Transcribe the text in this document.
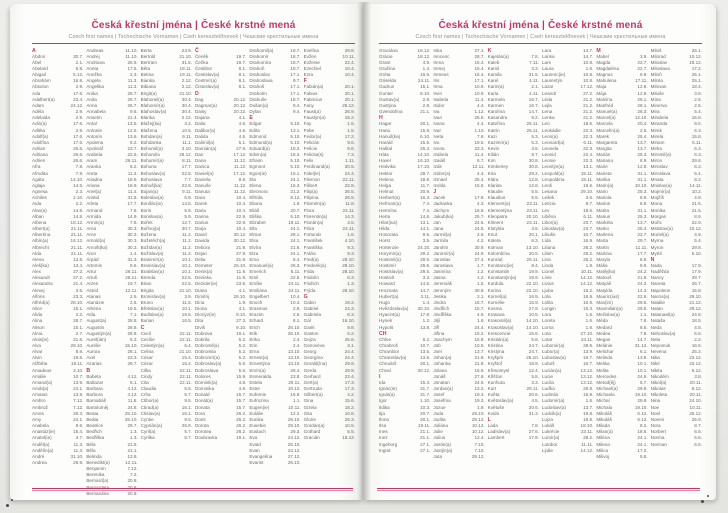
Česká křestní jména | České krstné mená
Czech first names | Tschechische Vornamen | Cseh keresztelőnevek | Чешские крестильные имена
A
Abdon	30.7.
Ábel	2.1.
Abelard	6.8.
Abigail	5.12.
Abrahám	16.8.
Absolon	2.9.
Ada	17.6.
Adalbert(a)	23.4.
Adam	24.12.
Adéla	2.9.
Adelaida	2.9.
Adin(a)	17.6.
Adléta	2.9.
Adolf(a)	17.6.
Adolfína	17.6.
Adrian	26.6.
Adriana	26.6.
Adrien	26.6.
Afra	7.8.
Afrodita	7.8.
Agáta	14.10.
Aglaja	14.5.
Agnesa	2.3.
Achiles	2.10.
Aida	2.2.
Alan(a)	14.8.
Alban	14.8.
Albena	18.12.
Albert(a)	21.11.
Albertína	21.11.
Albín(a)	16.12.
Albrecht	21.11.
Alda	21.11.
Alena	13.8.
Aleš(ka)	13.4.
Alex	27.2.
Alexandr	27.2.
Alexandra	21.4.
Alexej	3.5.
Alfons	23.3.
Alfréd(a)	28.10.
Alice	15.1.
Alida	2.2.
Alina	28.7.
Alison	15.1.
Alma	2.7.
Alois(ie)	21.6.
Alva	28.10.
Alvar	8.8.
Alvin	19.5.
Alžběta	19.11.
Amadeus	3.10.
Amálie	10.7.
Amand(a)	13.9.
Amát(a)	24.1.
Amatus	13.9.
Ambro	7.12.
Ambrož	7.12.
Amos	28.3.
Amy	24.1.
Anabela	9.6.
Anastáz(ie)	15.4.
Anatol(ie)	3.7.
Anděl(a)	11.3.
Andělín(a)	11.3.
André	31.10.
Andrea	26.9.
Andreas	11.10.
Andrej	11.10.
Andriana	26.9.
Aneta	17.5.
Anežka	2.3.
Angela	11.3.
Angelika	11.3.
Anika	26.7.
Anita	26.7.
Anna	26.7.
Annabela	9.6.
Anselm	21.4.
Antal	13.6.
Antonie	12.6.
Antonín	13.6.
Apolena	9.2.
Apolinář	23.7.
Arabela	22.6.
Aram	26.11.
Aranka	8.2.
Areta	11.4.
Ariadna	18.9.
Ariana	18.9.
Ariel(a)	11.4.
Aristid	31.8.
Arleta	17.7.
Armand	7.6.
Armida	14.9.
Armin(a)	7.6.
Arna	30.3.
Arne	30.3.
Arnold(a)	30.3.
Arnošt(ka)	30.3.
Áron	1.4.
Árpád	31.3.
Artemis	8.6.
Artur	26.11.
Artuš	26.11.
Arzen	19.7.
Astrid	12.11.
Atanas	2.5.
Atanázie	2.5.
Athéna	19.5.
Atila	7.1.
August(a)	28.8.
Augustin	28.8.
Augustýn(a)	28.8.
Aurel(ián)	6.3.
Aurélie	15.10.
Aurora	28.1.
Axel	23.3.
Azarias	29.7.
B
Babeta	4.12.
Baltazar	6.1.
Barbara	4.12.
Barbora	4.12.
Barnabáš	11.6.
Bartoloměj	24.8.
Beata	25.10.
Beáta	25.10.
Beatrice	29.7.
Bedřich	1.3.
Bedřiška	1.3.
Béla	21.6.
Běla	21.1.
Belinda	13.8.
Benedikt(a)	12.11.
Benjamín	7.12.
Berenika	7.2.
Bernard(a)	20.8.
Bernardeta	20.8.
Bernardina	20.8.
Berta	23.9.
Bertold	21.10.
Bertram	31.5.
Běta	19.11.
Betina	19.11.
Bianka	2.12.
Bibiana	2.12.
Birgit(a)	21.10.
Blahomil(a)	30.4.
Blahomír(a)	30.4.
Blahoslav(a)	30.4.
Blanka	2.12.
Blažej(ka)	3.2.
Blažena	10.5.
Bohdan(a)	9.11.
Bohdanka	11.1.
Bohumil(a)	3.10.
Bohumila	28.12.
Bohumír(a)	8.11.
Bohuna	17.7.
Bohuslav(a)	22.8.
Bohuslava	7.7.
Bohuš(ka)	22.8.
Bojan(a)	9.11.
Boleslav(a)	6.9.
Bonifác(ie)	14.5.
Boris	5.9.
Borislav(a)	5.9.
Bořek	12.7.
Bořivoj(a)	30.7.
Božena	11.2.
Božetěch(a)	11.2.
Božidar(a)	11.2.
Božislav(a)	11.2.
Branimír(a)	10.1.
Branislav(a)	10.1.
Bratislav(a)	10.1.
Brenda	22.5.
Brian	22.5.
Brigita	21.10.
Bronislav(a)	3.9.
Bruno	11.6.
Břetislav(a)	10.1.
Budislav(a)	16.5.
Burian	16.5.
C
Cecil	22.11.
Cecílie	22.11.
Celestýn(a)	6.4.
Celina	21.10.
César	15.4.
Cézar	15.4.
Cilka	22.11.
Cindy	22.11.
Cita	22.11.
Claudia	5.5.
Crha	5.7.
Ctibor(a)	9.5.
Ctirad(a)	16.1.
Ctislav(a)	16.1.
Cyntie	9.5.
Cyprián(a)	26.9.
Cyril(a)	5.7.
Cyrilka	5.7.
Č
Čeněk	19.7.
Čeňka	19.7.
Čestibor	8.1.
Čestislav(a)	8.1.
Čestmír(a)	8.1.
Čistoslav(a)	8.1.
D
Dag	20.12.
Dagmar(a)	20.12.
Daisy	20.12.
Dajana	4.1.
Dalia	4.6.
Dalibor(a)	4.6.
Dalida	4.6.
Dalimil(a)	5.1.
Damián(a)	27.9.
Dan	17.12.
Dana	11.12.
Danica	11.12.
Daniel(a)	17.12.
Daniela	9.9.
Danuše	11.12.
Danuta	11.12.
Dara	10.4.
Darek	10.4.
Daria	10.4.
Darina	22.9.
Darius	22.9.
Darja	10.4.
David	30.12.
Davida	30.12.
Debora	21.9.
Dejan	27.9.
Delia	21.9.
Demeter	26.10.
Denis(a)	11.9.
Deniska	11.9.
Dezider(ie)	23.5.
Diana	4.1.
Dimitrij	26.10.
Dina	1.9.
Diona	4.1.
Dionýz(ie)	9.10.
Dita	27.3.
Diviš	9.10.
Dobrava	19.1.
Dobrila	5.2.
Dobromil(a)	5.2.
Dobromila	5.2.
Dobromír(a)	5.2.
Dobroslav(a)	5.6.
Dobroslava	5.6.
Dolores	15.9.
Dominik(a)	4.8.
Dominika	4.8.
Donald	15.7.
Donát(a)	15.7.
Donata	15.7.
Dora	26.2.
Doris	26.2.
Dorota	26.2.
Dorotea	26.2.
Doubravka	19.1.
Drahomil(a)	18.7.
Drahomír	18.7.
Drahomíra	18.7.
Drahoň	18.7.
Drahoslav	17.1.
Drahoslava	9.7.
Drahoš	17.1.
Drahotín	17.1.
Drahuše	18.7.
Dušan(a)	9.4.
Dylan	9.4.
E
Edgar	5.10.
Edita	13.1.
Edmond	5.10.
Edmund(a)	5.10.
Eduard(a)	18.3.
Edvin(a)	18.3.
Efraim	5.10.
Egmont	5.10.
Egon(ie)	15.1.
Ela	24.1.
Elena	16.3.
Eleonora	21.2.
Elfrída	8.12.
Eliana	1.9.
Eliáš	20.7.
Eliška	5.10.
Elizabet	19.11.
Ella	24.1.
Elmar	28.1.
Elsa	24.1.
Elvíra	21.6.
Elza	24.1.
Ema	8.4.
Emanuel(a)	26.3.
Emerich	5.11.
Emil	22.5.
Emílie	24.11.
Emiliána	24.11.
Engelbert	10.4.
Enoch	10.4.
Erasmus	2.6.
Erazim	2.6.
Erhard	8.1.
Erich	26.10.
Erik	26.10.
Erika	2.4.
Erin	2.4.
Erna	13.10.
Ernest(a)	13.10.
Ernestýna	13.10.
Ervín(a)	26.4.
Esmeralda	23.8.
Estela	20.11.
Ester	19.12.
Eufemie	16.9.
Eufrozina	1.1.
Eugen(ie)	10.11.
Eulálie	12.2.
Eunika	28.10.
Eusebie	29.10.
Eustach	29.3.
Eva	24.12.
Evald	26.10.
Evan	24.12.
Evangelína	27.12.
Evarist	26.10.
Evelína	29.8.
Evžen	10.11.
Evženie	22.4.
Ezechiel	10.4.
Ezra	10.4.
F
Fabián(a)	20.1.
Fabius	20.1.
Fabricius	20.1.
Fany	26.12.
Faust(a)	26.9.
Faustýn(a)	15.2.
Fay	1.5.
Febe	1.5.
Fedor(a)	17.2.
Felicián	9.6.
Felície	9.6.
Felicita(s)	7.3.
Felix	1.11.
Ferdinand(a)	30.5.
Fidel(ie)	24.4.
Filemon	22.11.
Filibert	22.8.
Filip(a)	26.5.
Filipína	26.5.
Filomén(a)	11.8.
Flora	24.11.
Florentin(a)	14.3.
Florián(a)	4.5.
Flóra	24.11.
Fortunát	1.6.
František	4.10.
Františka	9.3.
Fráňa	9.3.
Fred(a)	28.10.
Frederik(a)	28.10.
Frida	28.10.
Fridolín	6.3.
Fridrich	1.3.
Frýda	28.10.
G
Gabin	19.2.
Gabriel	24.3.
Gabriela	8.3.
Gál	16.10.
Garik	9.8.
Gaston	6.2.
Gejza	25.6.
Genovéva	3.1.
Georg	24.4.
Georgína	24.4.
Gerald(ína)	29.9.
Gerda	29.9.
Gerhard	23.4.
Gert(a)	17.3.
Gertruda	17.3.
Gilbert(a)	4.2.
Gina	15.6.
Gizela	18.2.
Gita	10.6.
Glorie	25.3.
Gordan(a)	10.5.
Gothard	5.5.
Gracián	18.12.
Česká křestní jména | České krstné mená
Czech first names | Tschechische Vornamen | Cseh keresztelőnevek | Чешские крестильные имена
Graciána	18.12.
Grácie	18.12.
Grant	4.9.
Gražina	1.4.
Gréta	16.6.
Griselda	24.11.
Gudrun	15.1.
Gunter	8.10.
Gustav(a)	2.8.
Gustýna	2.8.
Gvendolína	21.1.
H
Hagar	20.1.
Hana	15.8.
Hanuš(ka)	6.10.
Harald	15.5.
Haštal	26.3.
Háta	14.10.
Havel	16.10.
Hedvika	17.10.
Hektor	28.7.
Helena	18.8.
Helga	11.7.
Helmut	20.9.
Herbert(a)	16.3.
Heřman(a)	7.4.
Hermína	7.4.
Herta	14.6.
Hilar(ius)	13.1.
Hilda	14.1.
Honorata	9.5.
Horst	3.5.
Hortenzie	24.10.
Horymír(a)	29.2.
Hostimil(a)	29.5.
Hostimír	29.5.
Hostislav(a)	29.5.
Hostivít	3.3.
Howard	14.5.
Hroznata	14.7.
Hubert(a)	3.11.
Hugo	1.4.
Hvězdoslav(a)	30.10.
Hyacint(a)	17.8.
Hynek	1.2.
Hypolit	13.8.
CH
Chloe	8.2.
Chrabroš	10.7.
Chranibor	13.5.
Chranislav(a)	13.5.
Chrudoš	20.1.
Chval	30.12.
I
Ida	15.3.
Ignác(ie)	31.7.
Ignát(a)	31.7.
Igor	1.10.
Ildika	10.3.
Ilja	20.7.
Ilona	20.1.
Ilsa	19.11.
Ines	21.1.
Inez	21.1.
Ingeborg	27.1.
Ingrid	27.1.
Inka	27.1.
Inocenc	28.7.
Irena	16.4.
Irenej	16.4.
Ireneus	16.4.
Iris	17.1.
Irma	10.9.
Irvin	10.9.
Isabela	11.4.
Isidor	4.4.
Iva	1.12.
Ivan	25.6.
Ivana	4.4.
Ivar	1.10.
Iveta	7.6.
Ivo	19.5.
Ivona	23.3.
Izabela	11.4.
Izaiáš	6.7.
Izák	12.11.
Izidor(a)	4.4.
Izmael	25.4.
Izolda	15.6.
J
Jacek	17.8.
Jadranka	4.3.
Jáchym	16.8.
Jakub(ka)	25.7.
Jan	24.6.
Jana	24.5.
Jarmil(a)	2.6.
Jarmila	4.2.
Jarolím	30.9.
Jaromír(a)	24.9.
Jaroslav	27.4.
Jaroslava	1.7.
Jasmína	1.2.
Jasna	1.2.
Jeremiáš	1.5.
Jeroným	30.9.
Jesika	2.1.
Jindra	15.7.
Jindřich	15.7.
Jindřiška	4.9.
Jiljí	1.9.
Jiří	24.4.
Jiřina	15.2.
Joachym	16.8.
Job	10.5.
Joel	13.7.
Johan(a)	21.8.
Johanka	21.8.
Jolana	15.9.
Jonáš	27.9.
Jonatan	24.6.
Jordan(a)	13.2.
Josef	19.3.
Josefína	19.3.
Jozue	1.9.
Juda	28.10.
Judita	29.12.
Juliána	10.12.
Julie	10.12.
Julius	12.4.
Justin(a)	7.10.
Justýn(a)	7.10.
Juta	29.12.
K
Kajetán(a)	7.8.
Kaleb	7.11.
Kamil	3.3.
Kamila	31.5.
Karel	4.11.
Karin(a)	2.1.
Karla	4.11.
Karmela	16.7.
Karmen	16.7.
Karolína	14.7.
Kasandra	9.2.
Kateřina	25.11.
Katrin	25.11.
Kazi	5.3.
Kazimír(a)	5.3.
Kevin	3.6.
Kilián	8.7.
Kim	30.8.
Kimberley	30.8.
Kira	28.2.
Klára	12.8.
Klarisa	12.8.
Klaudie	5.5.
Klaudius	5.5.
Klement(a)	23.11.
Klementýna	23.11.
Kleopatra	20.10.
Kliment	23.11.
Klotylda	3.6.
Knut	20.1.
Koleta	6.3.
Kolman	13.10.
Kolombína	20.5.
Konrád	26.11.
Konstanc(ie)	8.4.
Konstantin	19.9.
Konstantýn(a)	19.9.
Kordula	22.10.
Korina	22.10.
Kornel(a)	16.9.
Kornélie	16.9.
Kosma	27.9.
Krasava	10.5.
Krasomil(a)	14.10.
Krasoslav(a)	14.10.
Krescencie	15.6.
Kristián(a)	5.8.
Kristina	24.7.
Kristýna	24.7.
Kryšpín	25.10.
Kryštof	18.9.
Křesomysl	12.4.
Křišťan	5.8.
Kunhuta	3.3.
Kurt	26.11.
Květa	20.6.
Květoslav(a)	4.5.
Květuše	20.6.
Kvido	31.3.
L
Lada	7.8.
Ladislav(a)	27.6.
Lambert	17.9.
Lara	14.7.
Larisa	14.7.
Lars	10.8.
Laura	1.6.
Laurenc(ie)	10.8.
Laurentýn	10.8.
Lazar	17.12.
Leandr	27.2.
Léda	21.2.
Lejla	21.2.
Lena	21.2.
Lenka	21.2.
Leo	19.6.
Leokádie	22.3.
Leon(a)	22.3.
Leonard(a)	6.11.
Leonela	22.3.
Leonid	22.4.
Leonie	22.3.
Leontýn(a)	13.1.
Leopold(a)	15.11.
Leopoldina	15.11.
Leoš	19.6.
Lesana	29.10.
Lešek	3.6.
Letícia	9.7.
Lev	19.6.
Liběna	6.11.
Libor(a)	23.7.
Liboslav(a)	23.7.
Libuše	10.7.
Lída	16.9.
Liliana	25.2.
Lilien	25.2.
Lina	25.2.
Linda	1.9.
Lionel	10.11.
Lívie	14.12.
Livius	14.12.
Ljuba	16.2.
Lola	16.9.
Lolita	16.9.
Longin	15.3.
Lora	1.6.
Loreta	1.6.
Lorna	1.6.
Lota	27.10.
Lotar	24.11.
Lubomír(a)	28.6.
Lubor(a)	13.9.
Luboslav(a)	16.7.
Luboš	16.7.
Lucián(a)	13.12.
Lucie	13.12.
Lucila	13.12.
Luďka	26.8.
Ludmila	16.9.
Ludomír(a)	1.6.
Ludoslav(a)	13.7.
Ludvík(a)	19.8.
Lujza	19.8.
Lukáš	18.10.
Lukrécie	23.11.
Lumír(a)	28.2.
Lutobor	11.11.
Lýdie	14.12.
M
Mabel	3.9.
Magda	22.7.
Magdaléna	22.7.
Magnus	6.9.
Mahulena	17.11.
Maja	12.9.
Mája	12.9.
Malvína	28.1.
Manfréd	28.1.
Manuel(a)	26.3.
Marcel(a)	12.10.
Marcela	20.4.
Marcelín(a)	2.6.
Marek	25.4.
Margareta	13.7.
Margita	13.7.
Marián	25.3.
Mariana	8.9.
Marie	12.9.
Marieta	31.1.
Marika	31.1.
Marin(a)	10.10.
Mario	25.3.
Mariola	8.9.
Marion	8.9.
Marita	31.1.
Marius	25.3.
Markéta	13.7.
Marko	25.4.
Marlena	22.7.
Marta	29.7.
Martin	11.11.
Martina	17.7.
Maryla	8.9.
Máša	8.9.
Matěj(ka)	24.2.
Matouš	21.9.
Matyáš	24.2.
Matylda	14.3.
Mauric(ius)	22.9.
Max(im)	29.5.
Maxmilián(a)	29.5.
Mečislav(a)	1.1.
Méda	7.8.
Medard	8.6.
Medea	7.8.
Megan	14.7.
Melánie	31.12.
Melichar	6.1.
Melinda	13.9.
Melisa	10.1.
Melita	10.1.
Mercedes	24.9.
Metod(ěj)	5.7.
Michael(a)	29.9.
Michaela	19.10.
Michal	29.9.
Michala	19.10.
Mikoláš	6.12.
Mikuláš	6.12.
Milada	8.2.
Milan(a)	18.6.
Miléna	24.1.
Milena	24.1.
Milica	17.2.
Milivoj	5.8.
Miloš	25.1.
Milorad	10.12.
Miloslav	18.12.
Miloslava	17.2.
Miloň	25.1.
Milota	25.1.
Milovan	18.4.
Miluše	3.8.
Mína	2.5.
Minerva	2.5.
Mira	5.4.
Mirabela	15.8.
Miranda	9.5.
Mirek	6.3.
Mirela	15.8.
Miriam	5.11.
Mirka	6.3.
Miromil(a)	6.3.
Miron	29.8.
Miroslav	6.3.
Miroslava	5.4.
Mnata	8.2.
Mnislav(a)	14.11.
Mojmír(a)	10.2.
Mojžíš	4.9.
Mona	21.5.
Monika	21.5.
Morgan	8.6.
Mořic	22.9.
Mstislav(a)	10.12.
Muriel(a)	4.9.
Myrna	5.4.
Myron	29.8.
Myrtil	5.10.
N
Nada	17.9.
Naděžda	17.9.
Nancy	28.7.
Naneta	26.7.
Napoleon	15.8.
Narcis(a)	29.10.
Natálie	21.12.
Natan	29.12.
Natanael(a)	24.8.
Nataša	18.5.
Neda	4.8.
Nehoslav(a)	6.8.
Nela	2.2.
Nepomuk	16.5.
Nevena	25.2.
Nika	23.12.
Niké	23.12.
Nikita	6.12.
Nikodém	3.8.
Nikol(a)	20.11.
Nikolas	6.12.
Nikoleta	20.11.
Nina	24.10.
Noe	10.11.
Noel	25.12.
Noemi	25.9.
Nora	8.7.
Norbert	6.6.
Norma	6.6.
Norman	6.6.
